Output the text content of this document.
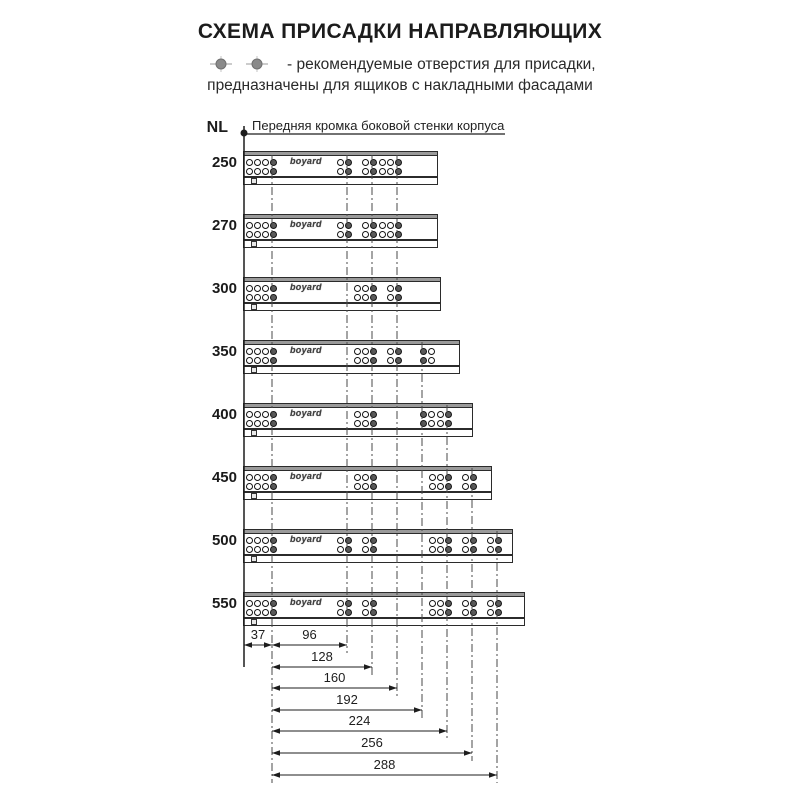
СХЕМА ПРИСАДКИ НАПРАВЛЯЮЩИХ
- рекомендуемые отверстия для присадки,
предназначены для ящиков с накладными фасадами
NL Передняя кромка боковой стенки корпуса
250	boyard
270	boyard
300	boyard
350	boyard
400	boyard
450	boyard
500	boyard
550	boyard
37	96
128
160
192
224
256
288
